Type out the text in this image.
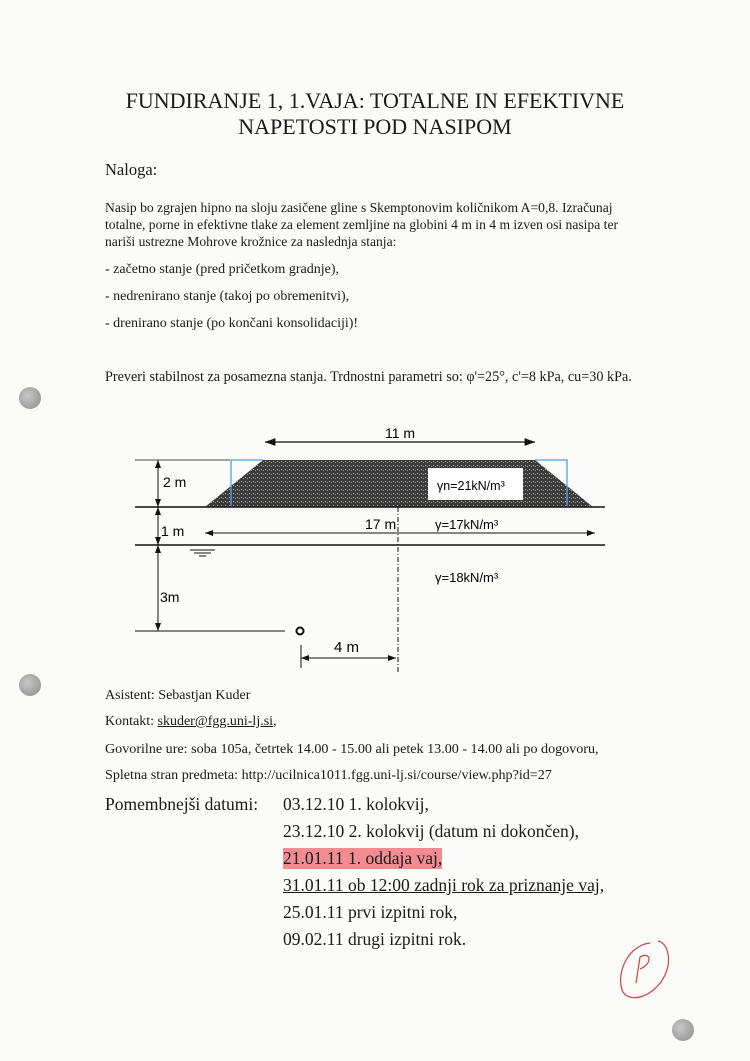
FUNDIRANJE 1, 1.VAJA: TOTALNE IN EFEKTIVNE
NAPETOSTI POD NASIPOM
Naloga:
Nasip bo zgrajen hipno na sloju zasičene gline s Skemptonovim količnikom A=0,8. Izračunaj
totalne, porne in efektivne tlake za element zemljine na globini 4 m in 4 m izven osi nasipa ter
nariši ustrezne Mohrove krožnice za naslednja stanja:
- začetno stanje (pred pričetkom gradnje),
- nedrenirano stanje (takoj po obremenitvi),
- drenirano stanje (po končani konsolidaciji)!
Preveri stabilnost za posamezna stanja. Trdnostni parametri so: φ'=25°, c'=8 kPa, cu=30 kPa.
11 m
2 m
1 m
3m
17 m
γn=21kN/m³
γ=17kN/m³
γ=18kN/m³
4 m
Asistent: Sebastjan Kuder
Kontakt: skuder@fgg.uni-lj.si,
Govorilne ure: soba 105a, četrtek 14.00 - 15.00 ali petek 13.00 - 14.00 ali po dogovoru,
Spletna stran predmeta: http://ucilnica1011.fgg.uni-lj.si/course/view.php?id=27
Pomembnejši datumi: 03.12.10 1. kolokvij,
23.12.10 2. kolokvij (datum ni dokončen),
21.01.11 1. oddaja vaj,
31.01.11 ob 12:00 zadnji rok za priznanje vaj,
25.01.11 prvi izpitni rok,
09.02.11 drugi izpitni rok.
